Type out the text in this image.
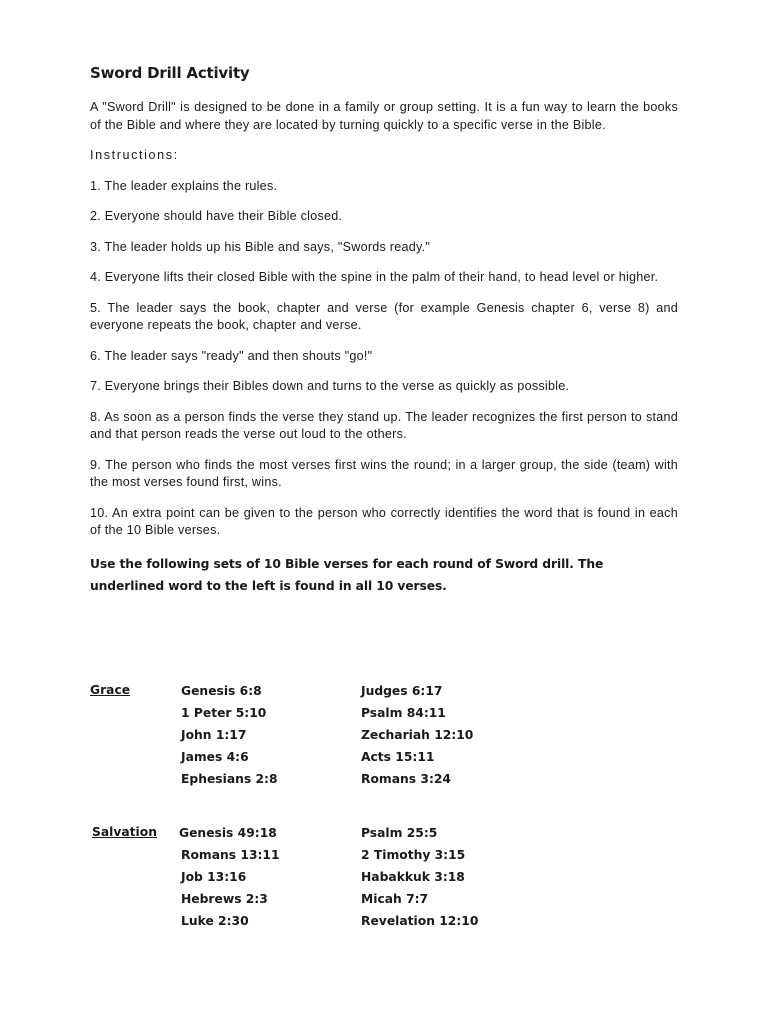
Sword Drill Activity

A "Sword Drill" is designed to be done in a family or group setting. It is a fun way to learn the books of the Bible and where they are located by turning quickly to a specific verse in the Bible.

Instructions:

1. The leader explains the rules.

2. Everyone should have their Bible closed.

3. The leader holds up his Bible and says, "Swords ready."

4. Everyone lifts their closed Bible with the spine in the palm of their hand, to head level or higher.

5. The leader says the book, chapter and verse (for example Genesis chapter 6, verse 8) and everyone repeats the book, chapter and verse.

6. The leader says "ready" and then shouts "go!"

7. Everyone brings their Bibles down and turns to the verse as quickly as possible.

8. As soon as a person finds the verse they stand up. The leader recognizes the first person to stand and that person reads the verse out loud to the others.

9. The person who finds the most verses first wins the round; in a larger group, the side (team) with the most verses found first, wins.

10. An extra point can be given to the person who correctly identifies the word that is found in each of the 10 Bible verses.

Use the following sets of 10 Bible verses for each round of Sword drill. The underlined word to the left is found in all 10 verses.
Grace	Genesis 6:8
1 Peter 5:10
John 1:17
James 4:6
Ephesians 2:8
Judges 6:17
Psalm 84:11
Zechariah 12:10
Acts 15:11
Romans 3:24
Salvation Genesis 49:18
Romans 13:11
Job 13:16
Hebrews 2:3
Luke 2:30
Psalm 25:5
2 Timothy 3:15
Habakkuk 3:18
Micah 7:7
Revelation 12:10
